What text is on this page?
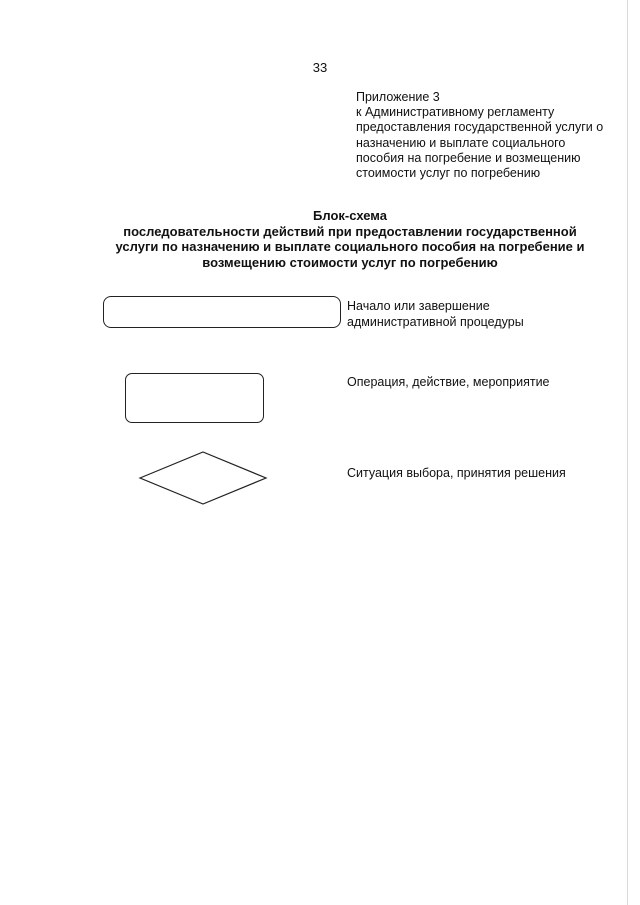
33
Приложение 3
к Административному регламенту
предоставления государственной услуги о
назначению и выплате социального
пособия на погребение и возмещению
стоимости услуг по погребению
Блок-схема
последовательности действий при предоставлении государственной
услуги по назначению и выплате социального пособия на погребение и
возмещению стоимости услуг по погребению
Начало или завершение
административной процедуры
Операция, действие, мероприятие
Ситуация выбора, принятия решения
